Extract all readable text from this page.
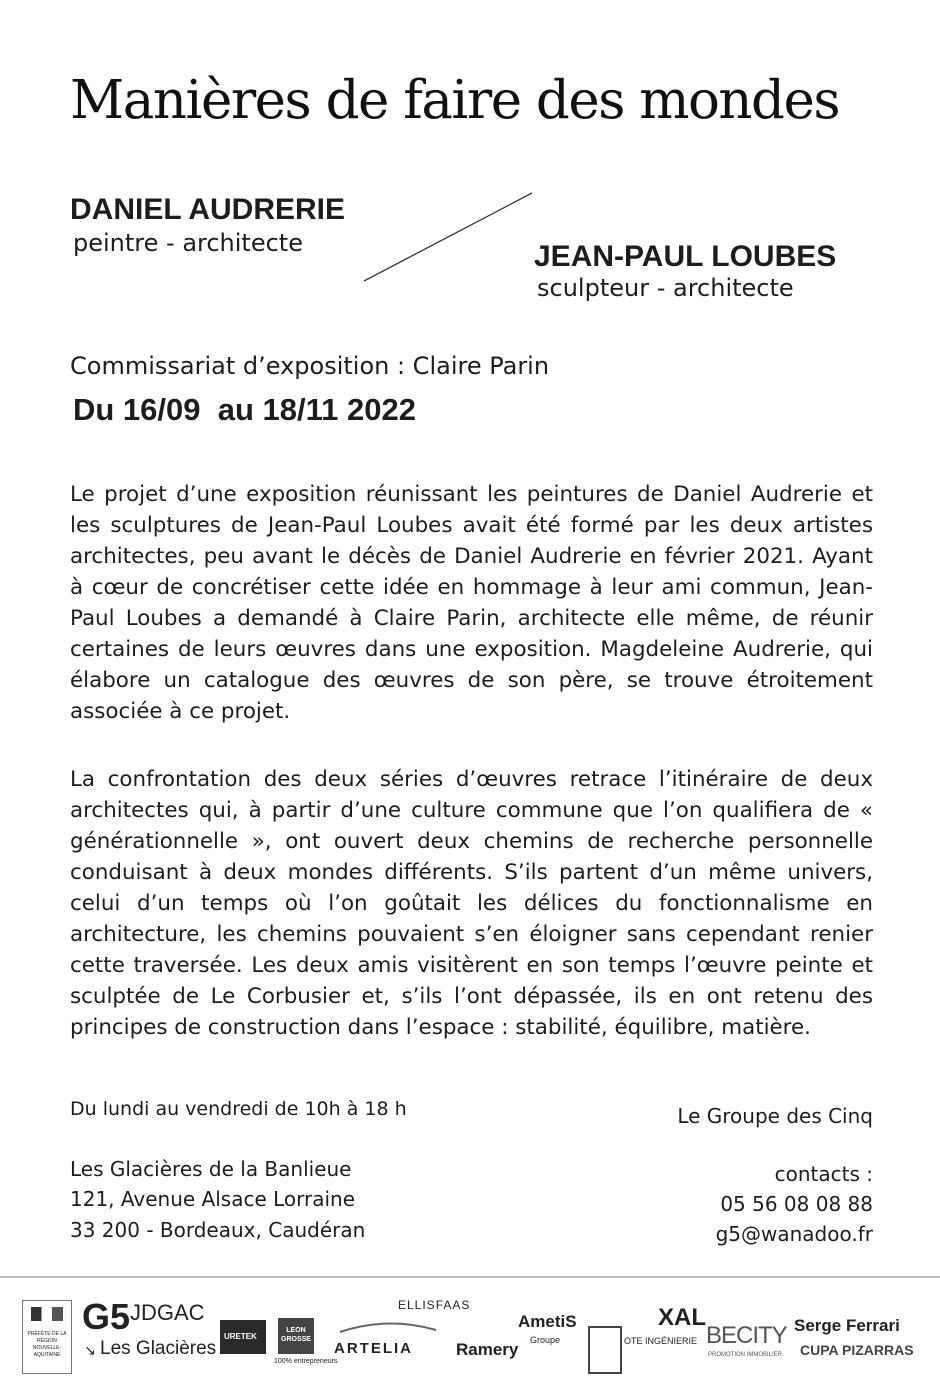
Manières de faire des mondes
DANIEL AUDRERIE
peintre - architecte	JEAN-PAUL LOUBES
sculpteur - architecte
Commissariat d’exposition : Claire Parin
Du 16/09  au 18/11 2022
Le projet d’une exposition réunissant les peintures de Daniel Audrerie et les sculptures de Jean-Paul Loubes avait été formé par les deux artistes architectes, peu avant le décès de Daniel Audrerie en février 2021. Ayant à cœur de concrétiser cette idée en hommage à leur ami commun, Jean-Paul Loubes a demandé à Claire Parin, architecte elle même, de réunir certaines de leurs œuvres dans une exposition. Magdeleine Audrerie, qui élabore un catalogue des œuvres de son père, se trouve étroitement associée à ce projet.
La confrontation des deux séries d’œuvres retrace l’itinéraire de deux architectes qui, à partir d’une culture commune que l’on qualifiera de « générationnelle », ont ouvert deux chemins de recherche personnelle conduisant à deux mondes différents. S’ils partent d’un même univers, celui d’un temps où l’on goûtait les délices du fonctionnalisme en architecture, les chemins pouvaient s’en éloigner sans cependant renier cette traversée. Les deux amis visitèrent en son temps l’œuvre peinte et sculptée de Le Corbusier et, s’ils l’ont dépassée, ils en ont retenu des principes de construction dans l’espace : stabilité, équilibre, matière.
Du lundi au vendredi de 10h à 18 h	Le Groupe des Cinq
Les Glacières de la Banlieue
121, Avenue Alsace Lorraine
33 200 - Bordeaux, Caudéran
contacts :
05 56 08 08 88
g5@wanadoo.fr
PRÉFÈTE DE LA RÉGION NOUVELLE-AQUITAINE
G5
↘ Les Glacières
JDGAC
URETEK
LEON GROSSE
100% entrepreneurs
ELLISFAAS
ARTELIA	Ramery
AmetiS
Groupe	OTE INGÉNIERIE
XAL
BECITY
PROMOTION IMMOBILIER
Serge Ferrari
CUPA PIZARRAS
